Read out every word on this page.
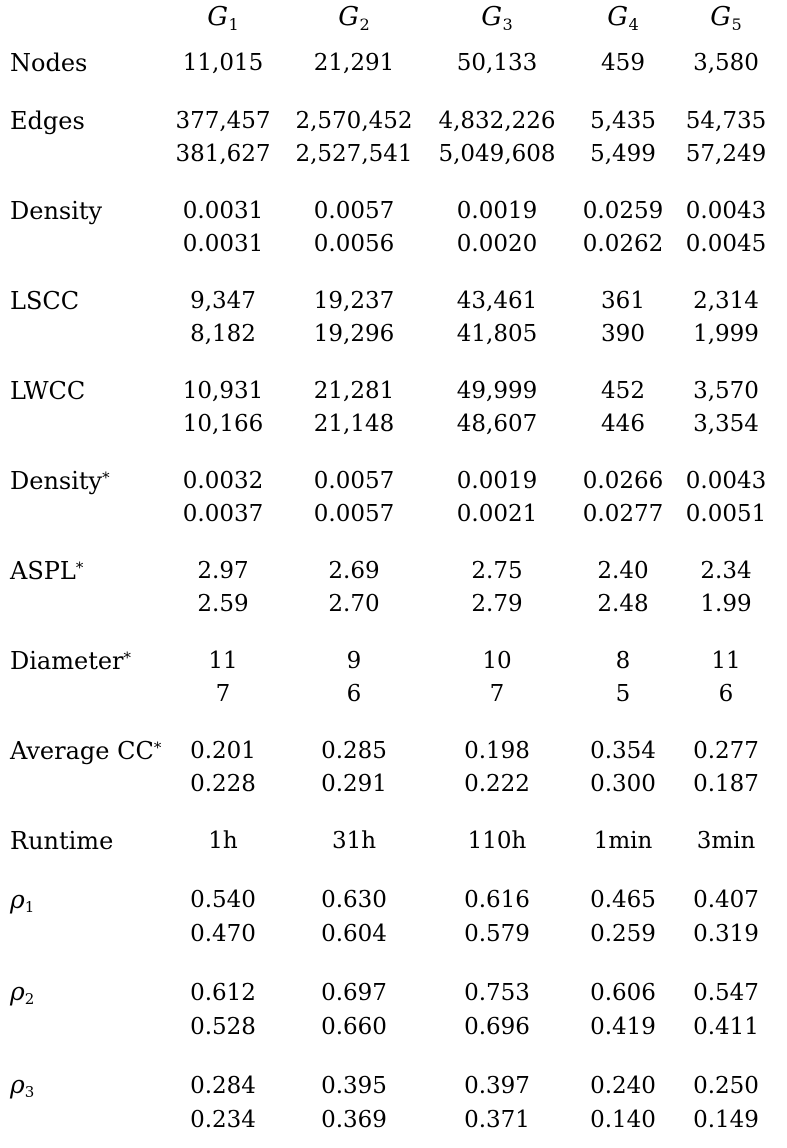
	$G_1$	$G_2$	$G_3$	$G_4$	$G_5$

Nodes	11,015	21,291	50,133	459	3,580

Edges	377,457	2,570,452	4,832,226	5,435	54,735
	381,627	2,527,541	5,049,608	5,499	57,249

Density	0.0031	0.0057	0.0019	0.0259	0.0043
	0.0031	0.0056	0.0020	0.0262	0.0045

LSCC	9,347	19,237	43,461	361	2,314
	8,182	19,296	41,805	390	1,999

LWCC	10,931	21,281	49,999	452	3,570
	10,166	21,148	48,607	446	3,354

Density*	0.0032	0.0057	0.0019	0.0266	0.0043
	0.0037	0.0057	0.0021	0.0277	0.0051

ASPL*	2.97	2.69	2.75	2.40	2.34
	2.59	2.70	2.79	2.48	1.99

Diameter*	11	9	10	8	11
	7	6	7	5	6

Average CC*	0.201	0.285	0.198	0.354	0.277
	0.228	0.291	0.222	0.300	0.187

Runtime	1h	31h	110h	1min	3min

$\rho_1$	0.540	0.630	0.616	0.465	0.407
	0.470	0.604	0.579	0.259	0.319

$\rho_2$	0.612	0.697	0.753	0.606	0.547
	0.528	0.660	0.696	0.419	0.411

$\rho_3$	0.284	0.395	0.397	0.240	0.250
	0.234	0.369	0.371	0.140	0.149
